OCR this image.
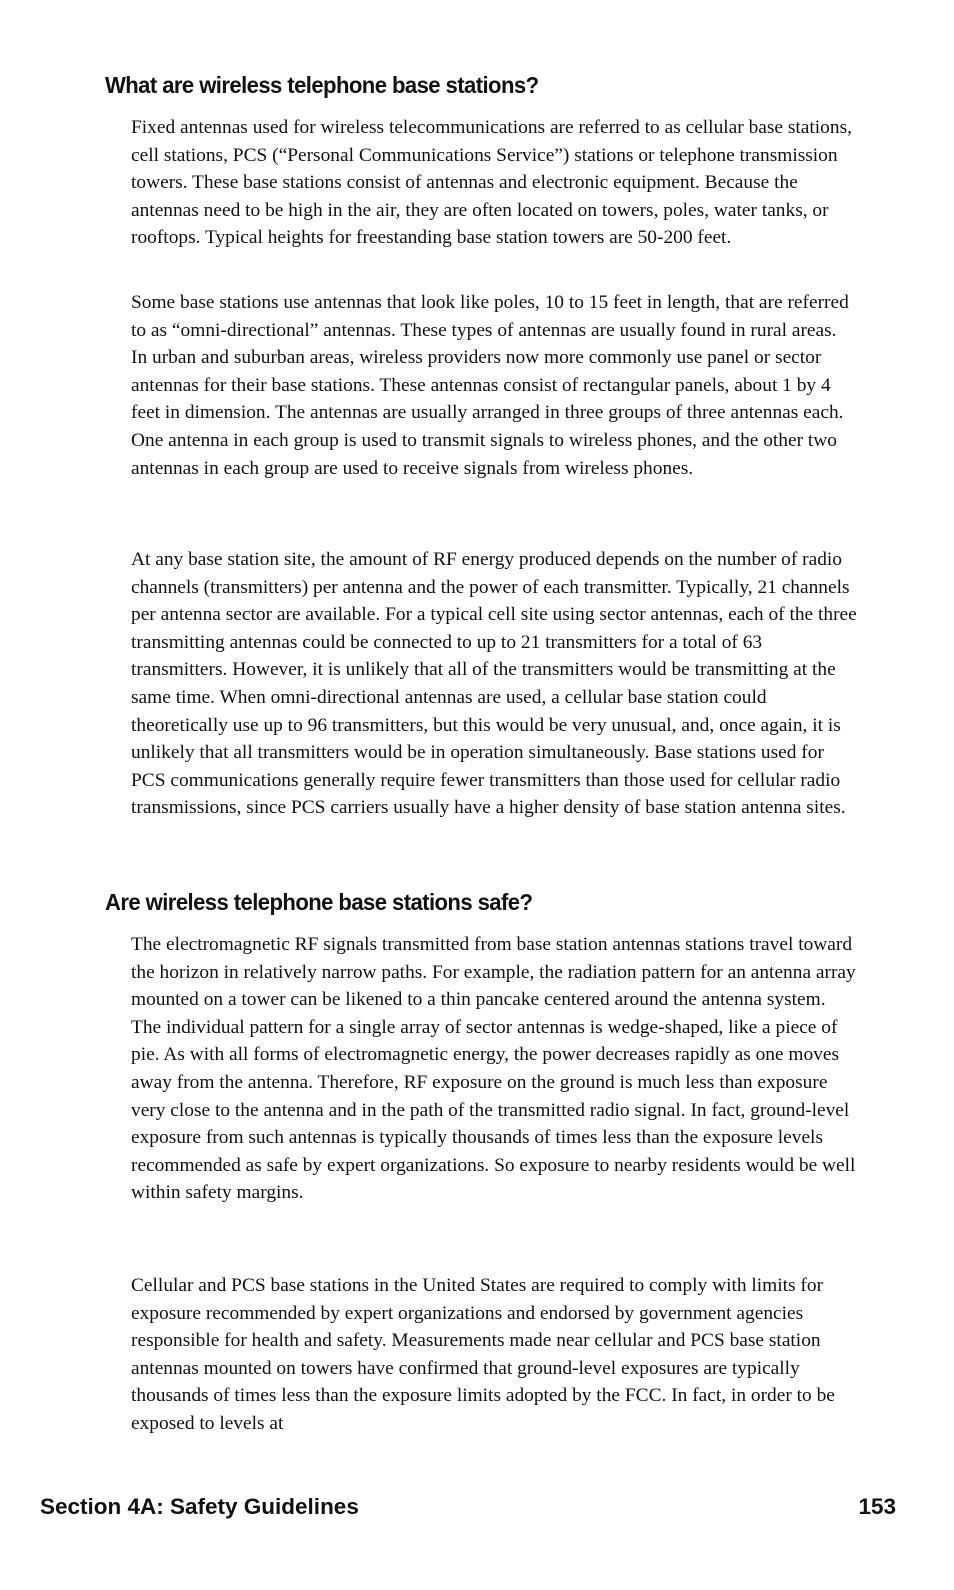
What are wireless telephone base stations?

Fixed antennas used for wireless telecommunications are referred to as cellular base stations, cell stations, PCS (“Personal Communications Service”) stations or telephone transmission towers. These base stations consist of antennas and electronic equipment. Because the antennas need to be high in the air, they are often located on towers, poles, water tanks, or rooftops. Typical heights for freestanding base station towers are 50-200 feet.

Some base stations use antennas that look like poles, 10 to 15 feet in length, that are referred to as “omni-directional” antennas. These types of antennas are usually found in rural areas. In urban and suburban areas, wireless providers now more commonly use panel or sector antennas for their base stations. These antennas consist of rectangular panels, about 1 by 4 feet in dimension. The antennas are usually arranged in three groups of three antennas each. One antenna in each group is used to transmit signals to wireless phones, and the other two antennas in each group are used to receive signals from wireless phones.

At any base station site, the amount of RF energy produced depends on the number of radio channels (transmitters) per antenna and the power of each transmitter. Typically, 21 channels per antenna sector are available. For a typical cell site using sector antennas, each of the three transmitting antennas could be connected to up to 21 transmitters for a total of 63 transmitters. However, it is unlikely that all of the transmitters would be transmitting at the same time. When omni-directional antennas are used, a cellular base station could theoretically use up to 96 transmitters, but this would be very unusual, and, once again, it is unlikely that all transmitters would be in operation simultaneously. Base stations used for PCS communications generally require fewer transmitters than those used for cellular radio transmissions, since PCS carriers usually have a higher density of base station antenna sites.

Are wireless telephone base stations safe?

The electromagnetic RF signals transmitted from base station antennas stations travel toward the horizon in relatively narrow paths. For example, the radiation pattern for an antenna array mounted on a tower can be likened to a thin pancake centered around the antenna system. The individual pattern for a single array of sector antennas is wedge-shaped, like a piece of pie. As with all forms of electromagnetic energy, the power decreases rapidly as one moves away from the antenna. Therefore, RF exposure on the ground is much less than exposure very close to the antenna and in the path of the transmitted radio signal. In fact, ground-level exposure from such antennas is typically thousands of times less than the exposure levels recommended as safe by expert organizations. So exposure to nearby residents would be well within safety margins.

Cellular and PCS base stations in the United States are required to comply with limits for exposure recommended by expert organizations and endorsed by government agencies responsible for health and safety. Measurements made near cellular and PCS base station antennas mounted on towers have confirmed that ground-level exposures are typically thousands of times less than the exposure limits adopted by the FCC. In fact, in order to be exposed to levels at

Section 4A: Safety Guidelines	153
